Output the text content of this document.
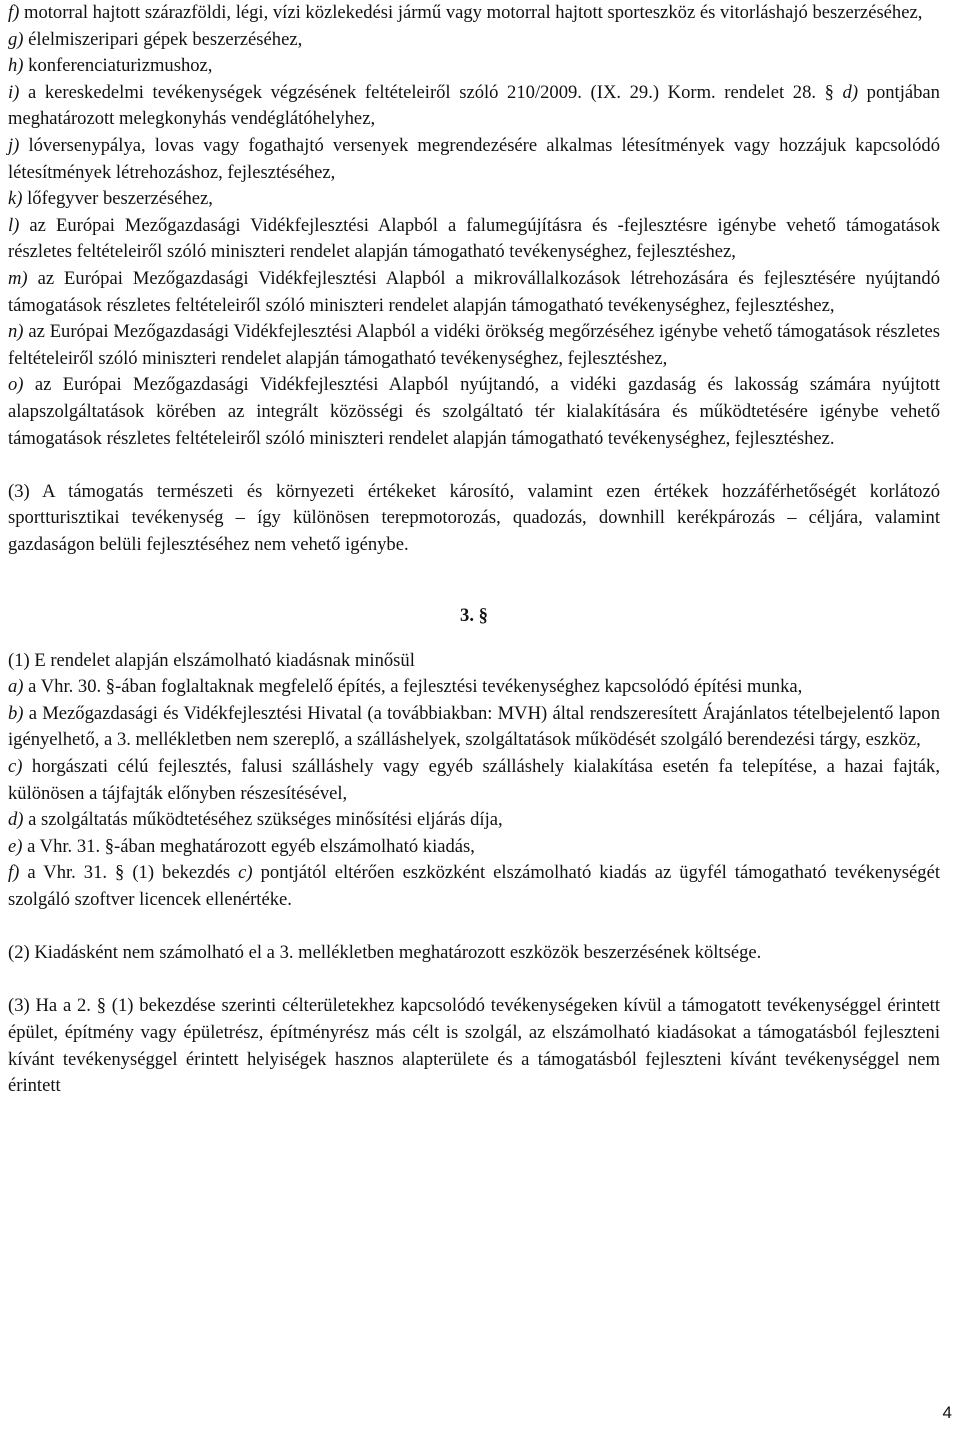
f) motorral hajtott szárazföldi, légi, vízi közlekedési jármű vagy motorral hajtott sporteszköz és vitorláshajó beszerzéséhez,

g) élelmiszeripari gépek beszerzéséhez,

h) konferenciaturizmushoz,

i) a kereskedelmi tevékenységek végzésének feltételeiről szóló 210/2009. (IX. 29.) Korm. rendelet 28. § d) pontjában meghatározott melegkonyhás vendéglátóhelyhez,

j) lóversenypálya, lovas vagy fogathajtó versenyek megrendezésére alkalmas létesítmények vagy hozzájuk kapcsolódó létesítmények létrehozáshoz, fejlesztéséhez,

k) lőfegyver beszerzéséhez,

l) az Európai Mezőgazdasági Vidékfejlesztési Alapból a falumegújításra és -fejlesztésre igénybe vehető támogatások részletes feltételeiről szóló miniszteri rendelet alapján támogatható tevékenységhez, fejlesztéshez,

m) az Európai Mezőgazdasági Vidékfejlesztési Alapból a mikrovállalkozások létrehozására és fejlesztésére nyújtandó támogatások részletes feltételeiről szóló miniszteri rendelet alapján támogatható tevékenységhez, fejlesztéshez,

n) az Európai Mezőgazdasági Vidékfejlesztési Alapból a vidéki örökség megőrzéséhez igénybe vehető támogatások részletes feltételeiről szóló miniszteri rendelet alapján támogatható tevékenységhez, fejlesztéshez,

o) az Európai Mezőgazdasági Vidékfejlesztési Alapból nyújtandó, a vidéki gazdaság és lakosság számára nyújtott alapszolgáltatások körében az integrált közösségi és szolgáltató tér kialakítására és működtetésére igénybe vehető támogatások részletes feltételeiről szóló miniszteri rendelet alapján támogatható tevékenységhez, fejlesztéshez.

(3) A támogatás természeti és környezeti értékeket károsító, valamint ezen értékek hozzáférhetőségét korlátozó sportturisztikai tevékenység – így különösen terepmotorozás, quadozás, downhill kerékpározás – céljára, valamint gazdaságon belüli fejlesztéséhez nem vehető igénybe.

3. §

(1) E rendelet alapján elszámolható kiadásnak minősül

a) a Vhr. 30. §-ában foglaltaknak megfelelő építés, a fejlesztési tevékenységhez kapcsolódó építési munka,

b) a Mezőgazdasági és Vidékfejlesztési Hivatal (a továbbiakban: MVH) által rendszeresített Árajánlatos tételbejelentő lapon igényelhető, a 3. mellékletben nem szereplő, a szálláshelyek, szolgáltatások működését szolgáló berendezési tárgy, eszköz,

c) horgászati célú fejlesztés, falusi szálláshely vagy egyéb szálláshely kialakítása esetén fa telepítése, a hazai fajták, különösen a tájfajták előnyben részesítésével,

d) a szolgáltatás működtetéséhez szükséges minősítési eljárás díja,

e) a Vhr. 31. §-ában meghatározott egyéb elszámolható kiadás,

f) a Vhr. 31. § (1) bekezdés c) pontjától eltérően eszközként elszámolható kiadás az ügyfél támogatható tevékenységét szolgáló szoftver licencek ellenértéke.

(2) Kiadásként nem számolható el a 3. mellékletben meghatározott eszközök beszerzésének költsége.

(3) Ha a 2. § (1) bekezdése szerinti célterületekhez kapcsolódó tevékenységeken kívül a támogatott tevékenységgel érintett épület, építmény vagy épületrész, építményrész más célt is szolgál, az elszámolható kiadásokat a támogatásból fejleszteni kívánt tevékenységgel érintett helyiségek hasznos alapterülete és a támogatásból fejleszteni kívánt tevékenységgel nem érintett

4
